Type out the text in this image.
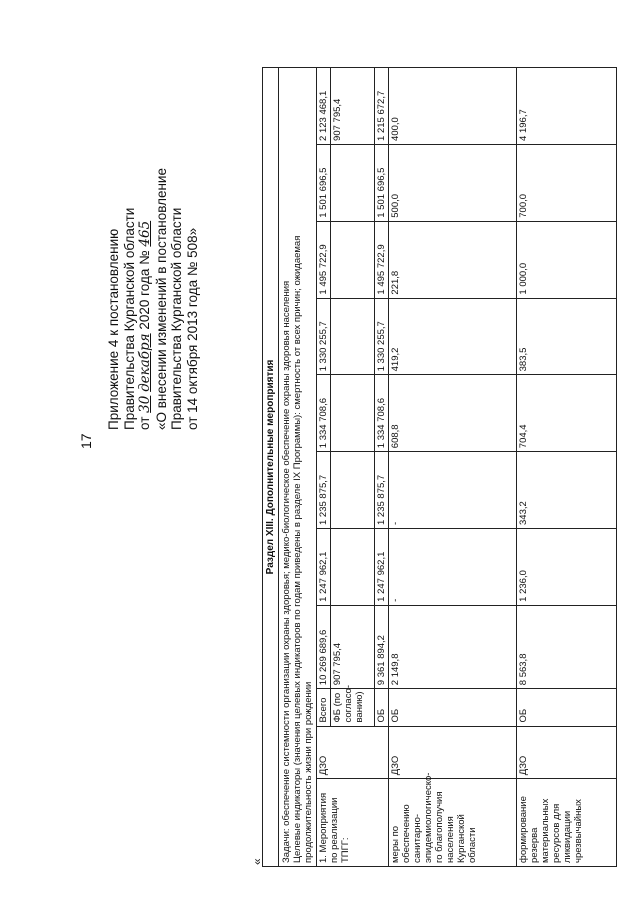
17
Приложение 4 к постановлению Правительства Курганской области от 30 декабря 2020 года № 465 «О внесении изменений в постановление Правительства Курганской области от 14 октября 2013 года № 508»
«
Раздел XIII. Дополнительные мероприятия										

Задачи: обеспечение системности организации охраны здоровья; медико-биологическое обеспечение охраны здоровья населения Целевые индикаторы (значения целевых индикаторов по годам приведены в разделе IX Программы): смертность от всех причин; ожидаемая продолжительность жизни при рождении										

1. Мероприятия по реализации ТПГГ:	ДЗО	Всего	10 269 689,6	1 247 962,1	1 235 875,7	1 334 708,6	1 330 255,7	1 495 722,9	1 501 696,5	2 123 468,1
		ФБ (по согласо-ванию)	907 795,4							907 795,4
		ОБ	9 361 894,2	1 247 962,1	1 235 875,7	1 334 708,6	1 330 255,7	1 495 722,9	1 501 696,5	1 215 672,7
меры по обеспечению санитарно-эпидемиологическо-го благополучия населения Курганской области	ДЗО	ОБ	2 149,8	-	-	608,8	419,2	221,8	500,0	400,0
формирование резерва материальных ресурсов для ликвидации чрезвычайных	ДЗО	ОБ	8 563,8	1 236,0	343,2	704,4	383,5	1 000,0	700,0	4 196,7
